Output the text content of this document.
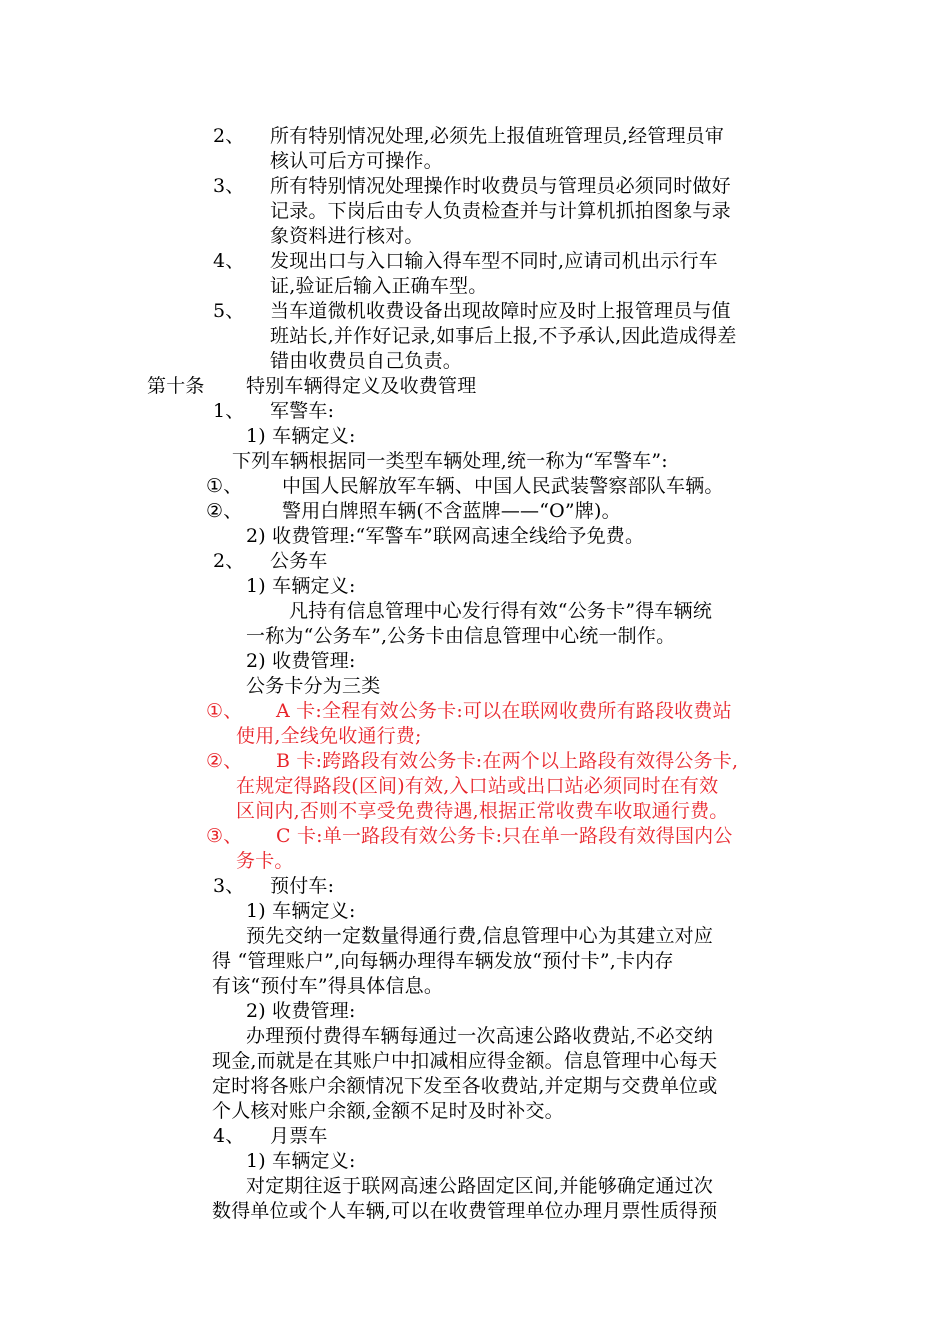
2、 所有特别情况处理,必须先上报值班管理员,经管理员审
核认可后方可操作。
3、 所有特别情况处理操作时收费员与管理员必须同时做好
记录。下岗后由专人负责检查并与计算机抓拍图象与录
象资料进行核对。
4、 发现出口与入口输入得车型不同时,应请司机出示行车
证,验证后输入正确车型。
5、 当车道微机收费设备出现故障时应及时上报管理员与值
班站长,并作好记录,如事后上报,不予承认,因此造成得差
错由收费员自己负责。
第十条 特别车辆得定义及收费管理
1、 军警车:
1) 车辆定义:
下列车辆根据同一类型车辆处理,统一称为“军警车”:
①、 中国人民解放军车辆、中国人民武装警察部队车辆。
②、 警用白牌照车辆(不含蓝牌——“O”牌)。
2) 收费管理:“军警车”联网高速全线给予免费。
2、 公务车
1) 车辆定义:
凡持有信息管理中心发行得有效“公务卡”得车辆统
一称为“公务车”,公务卡由信息管理中心统一制作。
2) 收费管理:
公务卡分为三类
①、 A 卡:全程有效公务卡:可以在联网收费所有路段收费站
使用,全线免收通行费;
②、 B 卡:跨路段有效公务卡:在两个以上路段有效得公务卡,
在规定得路段(区间)有效,入口站或出口站必须同时在有效
区间内,否则不享受免费待遇,根据正常收费车收取通行费。
③、 C 卡:单一路段有效公务卡:只在单一路段有效得国内公
务卡。
3、 预付车:
1) 车辆定义:
预先交纳一定数量得通行费,信息管理中心为其建立对应
得 “管理账户”,向每辆办理得车辆发放“预付卡”,卡内存
有该“预付车”得具体信息。
2) 收费管理:
办理预付费得车辆每通过一次高速公路收费站,不必交纳
现金,而就是在其账户中扣减相应得金额。信息管理中心每天
定时将各账户余额情况下发至各收费站,并定期与交费单位或
个人核对账户余额,金额不足时及时补交。
4、 月票车
1) 车辆定义:
对定期往返于联网高速公路固定区间,并能够确定通过次
数得单位或个人车辆,可以在收费管理单位办理月票性质得预
